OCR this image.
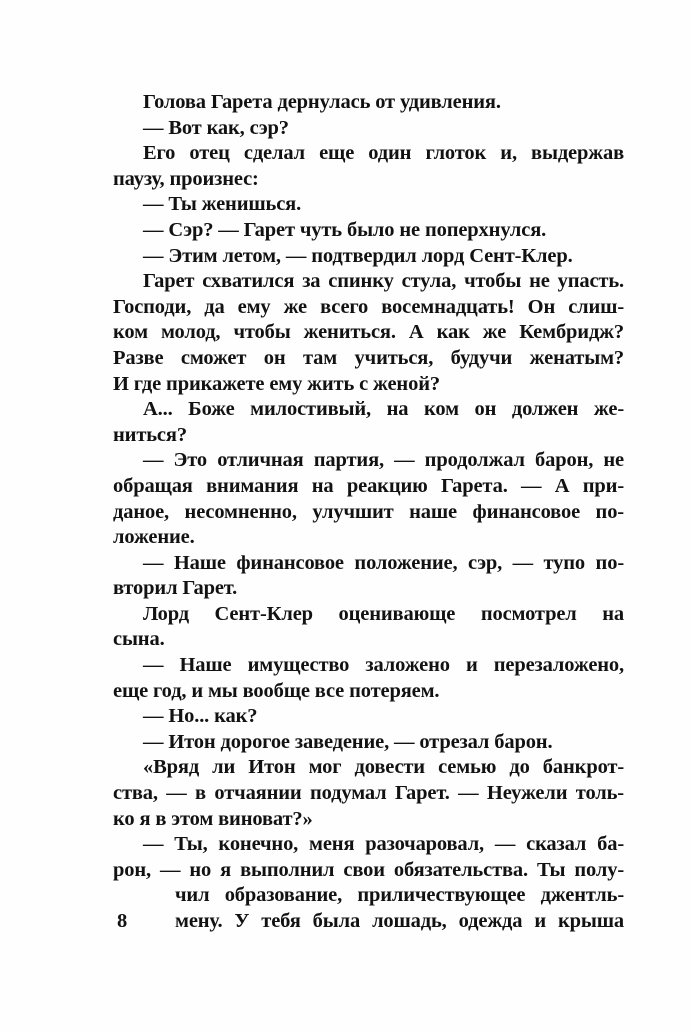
8
Голова Гарета дернулась от удивления.
— Вот как, сэр?
Его отец сделал еще один глоток и, выдержав
паузу, произнес:
— Ты женишься.
— Сэр? — Гарет чуть было не поперхнулся.
— Этим летом, — подтвердил лорд Сент-Клер.
Гарет схватился за спинку стула, чтобы не упасть.
Господи, да ему же всего восемнадцать! Он слиш-
ком молод, чтобы жениться. А как же Кембридж?
Разве сможет он там учиться, будучи женатым?
И где прикажете ему жить с женой?
А... Боже милостивый, на ком он должен же-
ниться?
— Это отличная партия, — продолжал барон, не
обращая внимания на реакцию Гарета. — А при-
даное, несомненно, улучшит наше финансовое по-
ложение.
— Наше финансовое положение, сэр, — тупо по-
вторил Гарет.
Лорд Сент-Клер оценивающе посмотрел на
сына.
— Наше имущество заложено и перезаложено,
еще год, и мы вообще все потеряем.
— Но... как?
— Итон дорогое заведение, — отрезал барон.
«Вряд ли Итон мог довести семью до банкрот-
ства, — в отчаянии подумал Гарет. — Неужели толь-
ко я в этом виноват?»
— Ты, конечно, меня разочаровал, — сказал ба-
рон, — но я выполнил свои обязательства. Ты полу-
чил образование, приличествующее джентль-
мену. У тебя была лошадь, одежда и крыша
